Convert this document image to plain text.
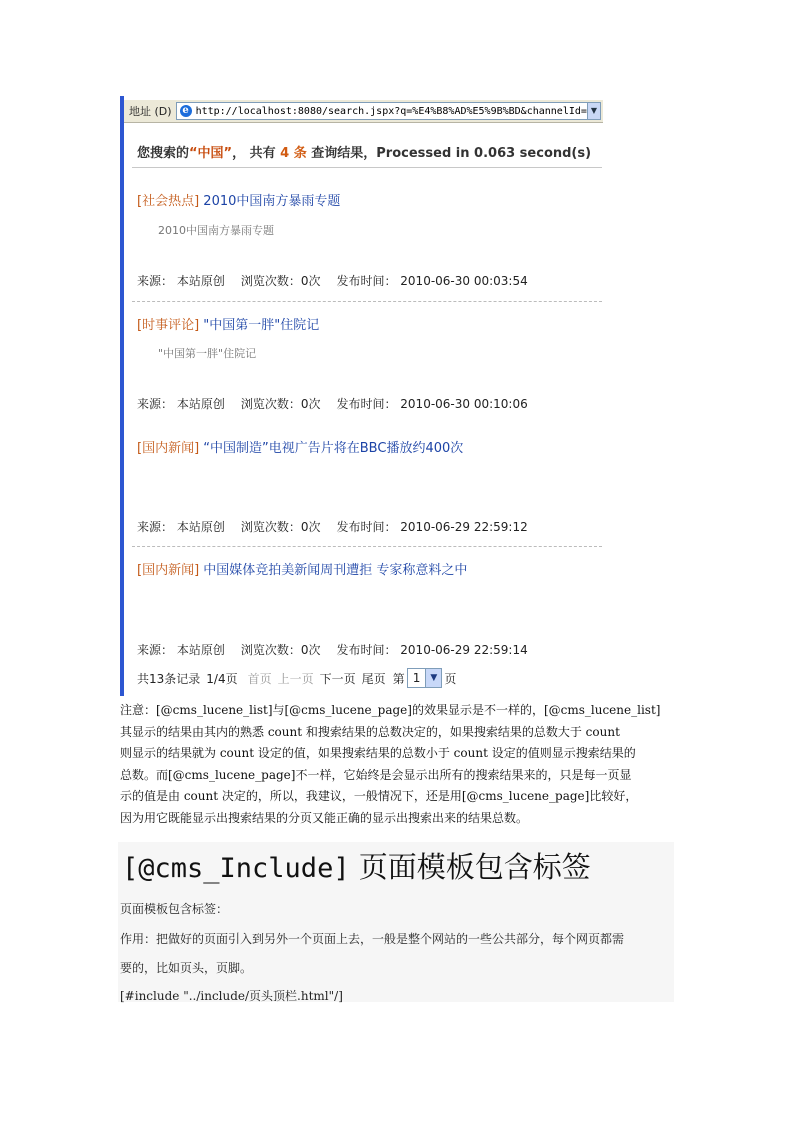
地址 (D)	e http://localhost:8080/search.jspx?q=%E4%B8%AD%E5%9B%BD&channelId= ▼
您搜索的“中国”， 共有 4 条 查询结果，Processed in 0.063 second(s)
[社会热点] 2010中国南方暴雨专题
2010中国南方暴雨专题
来源： 本站原创 浏览次数：0次 发布时间： 2010-06-30 00:03:54
[时事评论] "中国第一胖"住院记
"中国第一胖"住院记
来源： 本站原创 浏览次数：0次 发布时间： 2010-06-30 00:10:06
[国内新闻] “中国制造”电视广告片将在BBC播放约400次
来源： 本站原创 浏览次数：0次 发布时间： 2010-06-29 22:59:12
[国内新闻] 中国媒体竞拍美新闻周刊遭拒 专家称意料之中
来源： 本站原创 浏览次数：0次 发布时间： 2010-06-29 22:59:14
共13条记录 1/4页 首页 上一页 下一页 尾页 第 1	▼ 页
注意：[@cms_lucene_list]与[@cms_lucene_page]的效果显示是不一样的，[@cms_lucene_list]
其显示的结果由其内的熟悉 count 和搜索结果的总数决定的，如果搜索结果的总数大于 count
则显示的结果就为 count 设定的值，如果搜索结果的总数小于 count 设定的值则显示搜索结果的
总数。而[@cms_lucene_page]不一样，它始终是会显示出所有的搜索结果来的，只是每一页显
示的值是由 count 决定的，所以，我建议，一般情况下，还是用[@cms_lucene_page]比较好，
因为用它既能显示出搜索结果的分页又能正确的显示出搜索出来的结果总数。
[@cms_Include] 页面模板包含标签
页面模板包含标签：
作用：把做好的页面引入到另外一个页面上去，一般是整个网站的一些公共部分，每个网页都需
要的，比如页头，页脚。
[#include "../include/页头顶栏.html"/]
